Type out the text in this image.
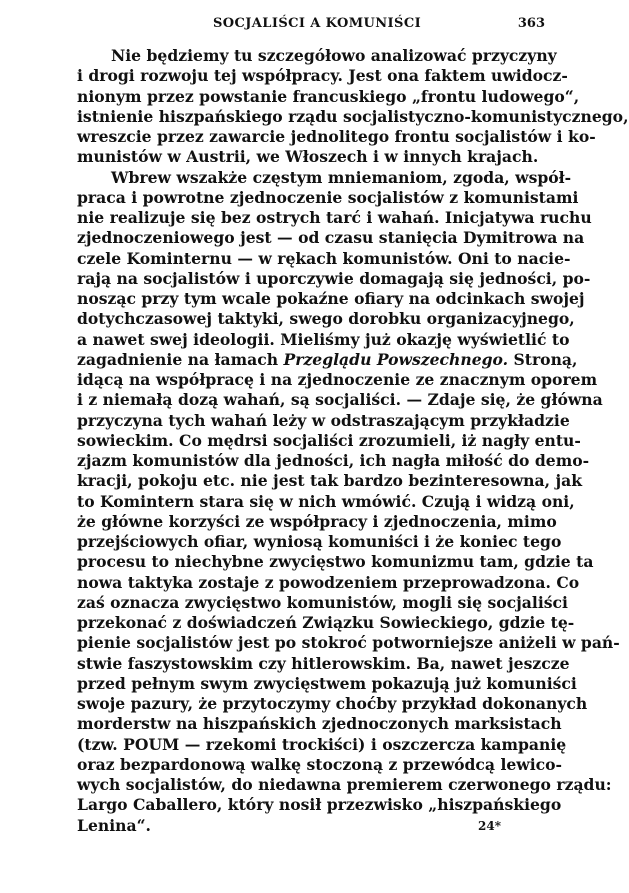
SOCJALIŚCI A KOMUNIŚCI	363
Nie będziemy tu szczegółowo analizować przyczyny
i drogi rozwoju tej współpracy. Jest ona faktem uwidocz-
nionym przez powstanie francuskiego „frontu ludowego“,
istnienie hiszpańskiego rządu socjalistyczno-komunistycznego,
wreszcie przez zawarcie jednolitego frontu socjalistów i ko-
munistów w Austrii, we Włoszech i w innych krajach.
Wbrew wszakże częstym mniemaniom, zgoda, współ-
praca i powrotne zjednoczenie socjalistów z komunistami
nie realizuje się bez ostrych tarć i wahań. Inicjatywa ruchu
zjednoczeniowego jest — od czasu stanięcia Dymitrowa na
czele Kominternu — w rękach komunistów. Oni to nacie-
rają na socjalistów i uporczywie domagają się jedności, po-
nosząc przy tym wcale pokaźne ofiary na odcinkach swojej
dotychczasowej taktyki, swego dorobku organizacyjnego,
a nawet swej ideologii. Mieliśmy już okazję wyświetlić to
zagadnienie na łamach Przeglądu Powszechnego. Stroną,
idącą na współpracę i na zjednoczenie ze znacznym oporem
i z niemałą dozą wahań, są socjaliści. — Zdaje się, że główna
przyczyna tych wahań leży w odstraszającym przykładzie
sowieckim. Co mędrsi socjaliści zrozumieli, iż nagły entu-
zjazm komunistów dla jedności, ich nagła miłość do demo-
kracji, pokoju etc. nie jest tak bardzo bezinteresowna, jak
to Komintern stara się w nich wmówić. Czują i widzą oni,
że główne korzyści ze współpracy i zjednoczenia, mimo
przejściowych ofiar, wyniosą komuniści i że koniec tego
procesu to niechybne zwycięstwo komunizmu tam, gdzie ta
nowa taktyka zostaje z powodzeniem przeprowadzona. Co
zaś oznacza zwycięstwo komunistów, mogli się socjaliści
przekonać z doświadczeń Związku Sowieckiego, gdzie tę-
pienie socjalistów jest po stokroć potworniejsze aniżeli w pań-
stwie faszystowskim czy hitlerowskim. Ba, nawet jeszcze
przed pełnym swym zwycięstwem pokazują już komuniści
swoje pazury, że przytoczymy choćby przykład dokonanych
morderstw na hiszpańskich zjednoczonych marksistach
(tzw. POUM — rzekomi trockiści) i oszczercza kampanię
oraz bezpardonową walkę stoczoną z przewódcą lewico-
wych socjalistów, do niedawna premierem czerwonego rządu:
Largo Caballero, który nosił przezwisko „hiszpańskiego
Lenina“.	24*
